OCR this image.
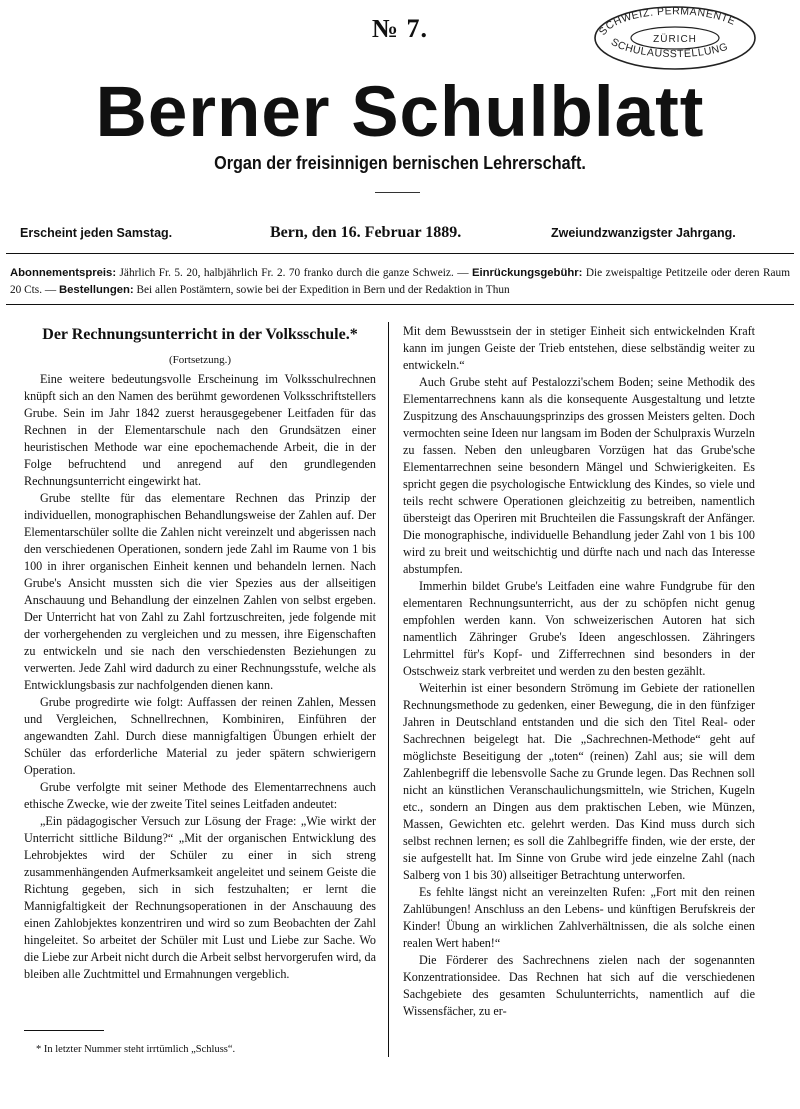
№ 7.	SCHWEIZ. PERMANENTE
ZÜRICH
SCHULAUSSTELLUNG
Berner Schulblatt
Organ der freisinnigen bernischen Lehrerschaft.
Erscheint jeden Samstag.	Bern, den 16. Februar 1889.	Zweiundzwanzigster Jahrgang.
Abonnementspreis: Jährlich Fr. 5. 20, halbjährlich Fr. 2. 70 franko durch die ganze Schweiz. — Einrückungsgebühr: Die zweispaltige Petitzeile oder deren Raum 20 Cts. — Bestellungen: Bei allen Postämtern, sowie bei der Expedition in Bern und der Redaktion in Thun
Der Rechnungsunterricht in der Volksschule.*
(Fortsetzung.)

Eine weitere bedeutungsvolle Erscheinung im Volksschulrechnen knüpft sich an den Namen des berühmt gewordenen Volksschriftstellers Grube. Sein im Jahr 1842 zuerst herausgegebener Leitfaden für das Rechnen in der Elementarschule nach den Grundsätzen einer heuristischen Methode war eine epochemachende Arbeit, die in der Folge befruchtend und anregend auf den grundlegenden Rechnungsunterricht eingewirkt hat.

Grube stellte für das elementare Rechnen das Prinzip der individuellen, monographischen Behandlungsweise der Zahlen auf. Der Elementarschüler sollte die Zahlen nicht vereinzelt und abgerissen nach den verschiedenen Operationen, sondern jede Zahl im Raume von 1 bis 100 in ihrer organischen Einheit kennen und behandeln lernen. Nach Grube's Ansicht mussten sich die vier Spezies aus der allseitigen Anschauung und Behandlung der einzelnen Zahlen von selbst ergeben. Der Unterricht hat von Zahl zu Zahl fortzuschreiten, jede folgende mit der vorhergehenden zu vergleichen und zu messen, ihre Eigenschaften zu entwickeln und sie nach den verschiedensten Beziehungen zu verwerten. Jede Zahl wird dadurch zu einer Rechnungsstufe, welche als Entwicklungsbasis zur nachfolgenden dienen kann.

Grube progredirte wie folgt: Auffassen der reinen Zahlen, Messen und Vergleichen, Schnellrechnen, Kombiniren, Einführen der angewandten Zahl. Durch diese mannigfaltigen Übungen erhielt der Schüler das erforderliche Material zu jeder spätern schwierigern Operation.

Grube verfolgte mit seiner Methode des Elementarrechnens auch ethische Zwecke, wie der zweite Titel seines Leitfaden andeutet:

„Ein pädagogischer Versuch zur Lösung der Frage: „Wie wirkt der Unterricht sittliche Bildung?“ „Mit der organischen Entwicklung des Lehrobjektes wird der Schüler zu einer in sich streng zusammenhängenden Aufmerksamkeit angeleitet und seinem Geiste die Richtung gegeben, sich in sich festzuhalten; er lernt die Mannigfaltigkeit der Rechnungsoperationen in der Anschauung des einen Zahlobjektes konzentriren und wird so zum Beobachten der Zahl hingeleitet. So arbeitet der Schüler mit Lust und Liebe zur Sache. Wo die Liebe zur Arbeit nicht durch die Arbeit selbst hervorgerufen wird, da bleiben alle Zuchtmittel und Ermahnungen vergeblich.

Mit dem Bewusstsein der in stetiger Einheit sich entwickelnden Kraft kann im jungen Geiste der Trieb entstehen, diese selbständig weiter zu entwickeln.“

Auch Grube steht auf Pestalozzi'schem Boden; seine Methodik des Elementarrechnens kann als die konsequente Ausgestaltung und letzte Zuspitzung des Anschauungsprinzips des grossen Meisters gelten. Doch vermochten seine Ideen nur langsam im Boden der Schulpraxis Wurzeln zu fassen. Neben den unleugbaren Vorzügen hat das Grube'sche Elementarrechnen seine besondern Mängel und Schwierigkeiten. Es spricht gegen die psychologische Entwicklung des Kindes, so viele und teils recht schwere Operationen gleichzeitig zu betreiben, namentlich übersteigt das Operiren mit Bruchteilen die Fassungskraft der Anfänger. Die monographische, individuelle Behandlung jeder Zahl von 1 bis 100 wird zu breit und weitschichtig und dürfte nach und nach das Interesse abstumpfen.

Immerhin bildet Grube's Leitfaden eine wahre Fundgrube für den elementaren Rechnungsunterricht, aus der zu schöpfen nicht genug empfohlen werden kann. Von schweizerischen Autoren hat sich namentlich Zähringer Grube's Ideen angeschlossen. Zähringers Lehrmittel für's Kopf- und Zifferrechnen sind besonders in der Ostschweiz stark verbreitet und werden zu den besten gezählt.

Weiterhin ist einer besondern Strömung im Gebiete der rationellen Rechnungsmethode zu gedenken, einer Bewegung, die in den fünfziger Jahren in Deutschland entstanden und die sich den Titel Real- oder Sachrechnen beigelegt hat. Die „Sachrechnen-Methode“ geht auf möglichste Beseitigung der „toten“ (reinen) Zahl aus; sie will dem Zahlenbegriff die lebensvolle Sache zu Grunde legen. Das Rechnen soll nicht an künstlichen Veranschaulichungsmitteln, wie Strichen, Kugeln etc., sondern an Dingen aus dem praktischen Leben, wie Münzen, Massen, Gewichten etc. gelehrt werden. Das Kind muss durch sich selbst rechnen lernen; es soll die Zahlbegriffe finden, wie der erste, der sie aufgestellt hat. Im Sinne von Grube wird jede einzelne Zahl (nach Salberg von 1 bis 30) allseitiger Betrachtung unterworfen.

Es fehlte längst nicht an vereinzelten Rufen: „Fort mit den reinen Zahlübungen! Anschluss an den Lebens- und künftigen Berufskreis der Kinder! Übung an wirklichen Zahlverhältnissen, die als solche einen realen Wert haben!“

Die Förderer des Sachrechnens zielen nach der sogenannten Konzentrationsidee. Das Rechnen hat sich auf die verschiedenen Sachgebiete des gesamten Schulunterrichts, namentlich auf die Wissensfächer, zu er-

* In letzter Nummer steht irrtümlich „Schluss“.
